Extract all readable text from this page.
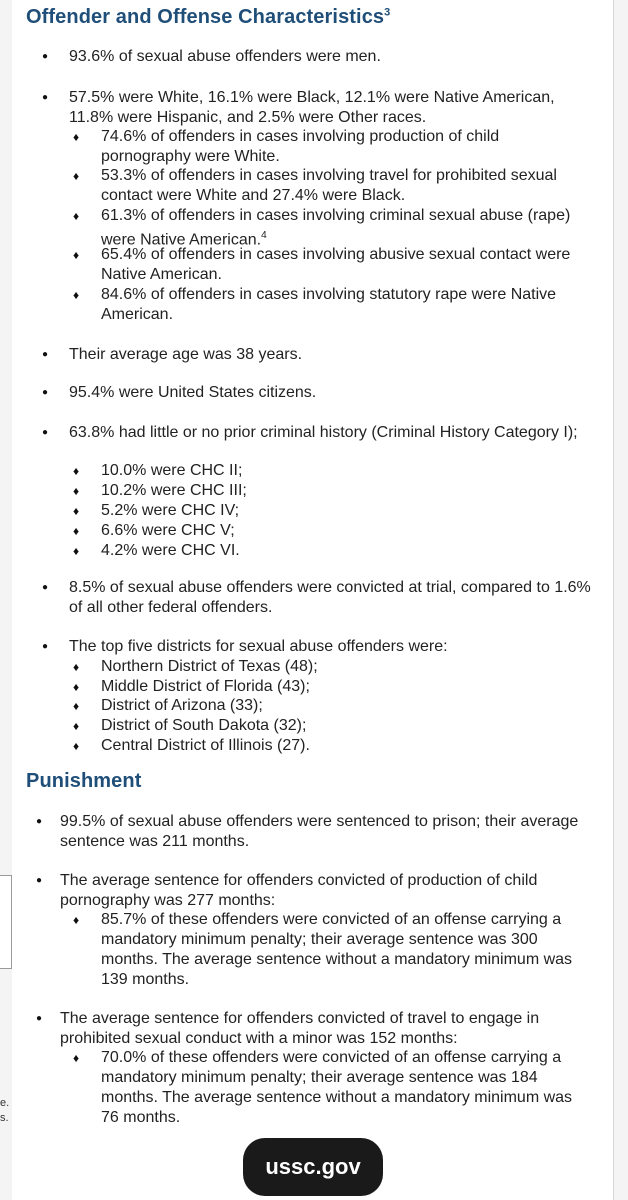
e.
s.
Offender and Offense Characteristics$^3$
● 93.6% of sexual abuse offenders were men.
● 57.5% were White, 16.1% were Black, 12.1% were Native American, 11.8% were Hispanic, and 2.5% were Other races.
♦ 74.6% of offenders in cases involving production of child pornography were White.
♦ 53.3% of offenders in cases involving travel for prohibited sexual contact were White and 27.4% were Black.
♦ 61.3% of offenders in cases involving criminal sexual abuse (rape) were Native American.$^4$
♦ 65.4% of offenders in cases involving abusive sexual contact were Native American.
♦ 84.6% of offenders in cases involving statutory rape were Native American.
● Their average age was 38 years.
● 95.4% were United States citizens.
● 63.8% had little or no prior criminal history (Criminal History Category I);
♦ 10.0% were CHC II;
♦ 10.2% were CHC III;
♦ 5.2% were CHC IV;
♦ 6.6% were CHC V;
♦ 4.2% were CHC VI.
● 8.5% of sexual abuse offenders were convicted at trial, compared to 1.6% of all other federal offenders.
● The top five districts for sexual abuse offenders were:
♦ Northern District of Texas (48);
♦ Middle District of Florida (43);
♦ District of Arizona (33);
♦ District of South Dakota (32);
♦ Central District of Illinois (27).
Punishment
● 99.5% of sexual abuse offenders were sentenced to prison; their average sentence was 211 months.
● The average sentence for offenders convicted of production of child pornography was 277 months:
♦ 85.7% of these offenders were convicted of an offense carrying a mandatory minimum penalty; their average sentence was 300 months. The average sentence without a mandatory minimum was 139 months.
● The average sentence for offenders convicted of travel to engage in prohibited sexual conduct with a minor was 152 months:
♦ 70.0% of these offenders were convicted of an offense carrying a mandatory minimum penalty; their average sentence was 184 months. The average sentence without a mandatory minimum was 76 months.
ussc.gov
